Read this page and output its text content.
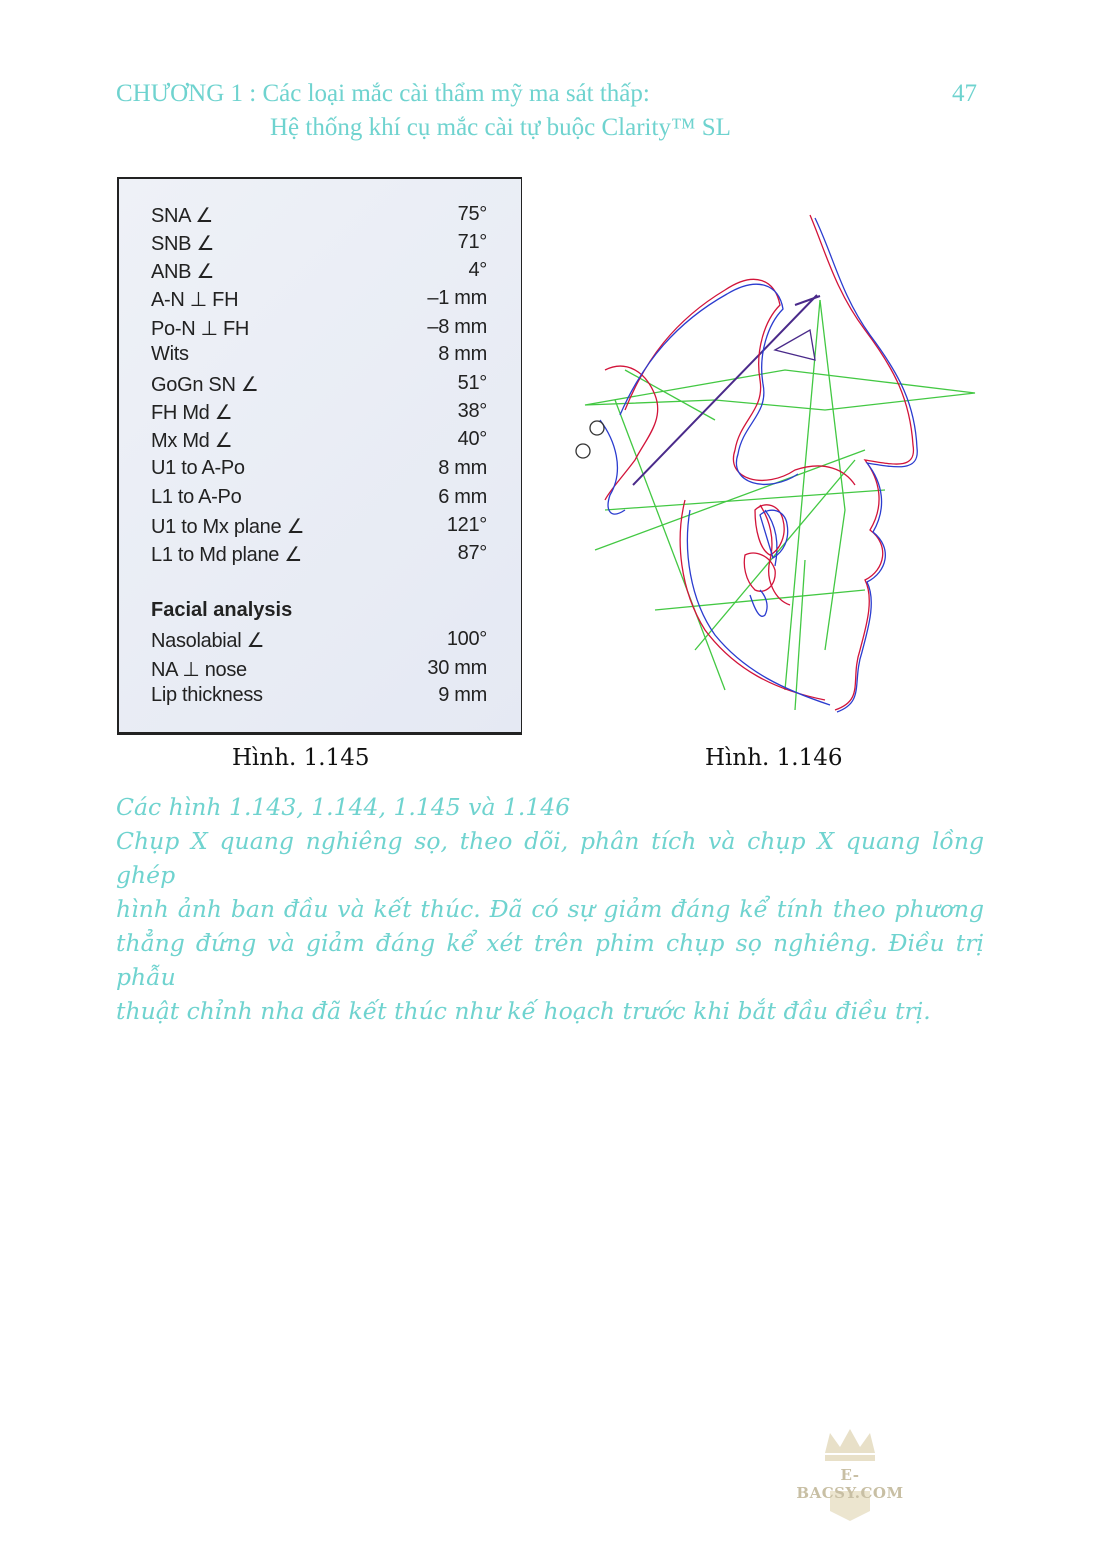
CHƯƠNG 1 : Các loại mắc cài thẩm mỹ ma sát thấp:	47
Hệ thống khí cụ mắc cài tự buộc Clarity™ SL
SNA ∠	75°
SNB ∠	71°
ANB ∠	4°
A-N ⊥ FH	–1 mm
Po-N ⊥ FH	–8 mm
Wits	8 mm
GoGn SN ∠	51°
FH Md ∠	38°
Mx Md ∠	40°
U1 to A-Po	8 mm
L1 to A-Po	6 mm
U1 to Mx plane ∠	121°
L1 to Md plane ∠	87°
Facial analysis
Nasolabial ∠	100°
NA ⊥ nose	30 mm
Lip thickness	9 mm
Hình. 1.145	Hình. 1.146
Các hình 1.143, 1.144, 1.145 và 1.146
Chụp X quang nghiêng sọ, theo dõi, phân tích và chụp X quang lồng ghép
hình ảnh ban đầu và kết thúc. Đã có sự giảm đáng kể tính theo phương
thẳng đứng và giảm đáng kể xét trên phim chụp sọ nghiêng. Điều trị phẫu
thuật chỉnh nha đã kết thúc như kế hoạch trước khi bắt đầu điều trị.
E-BACSY.COM
